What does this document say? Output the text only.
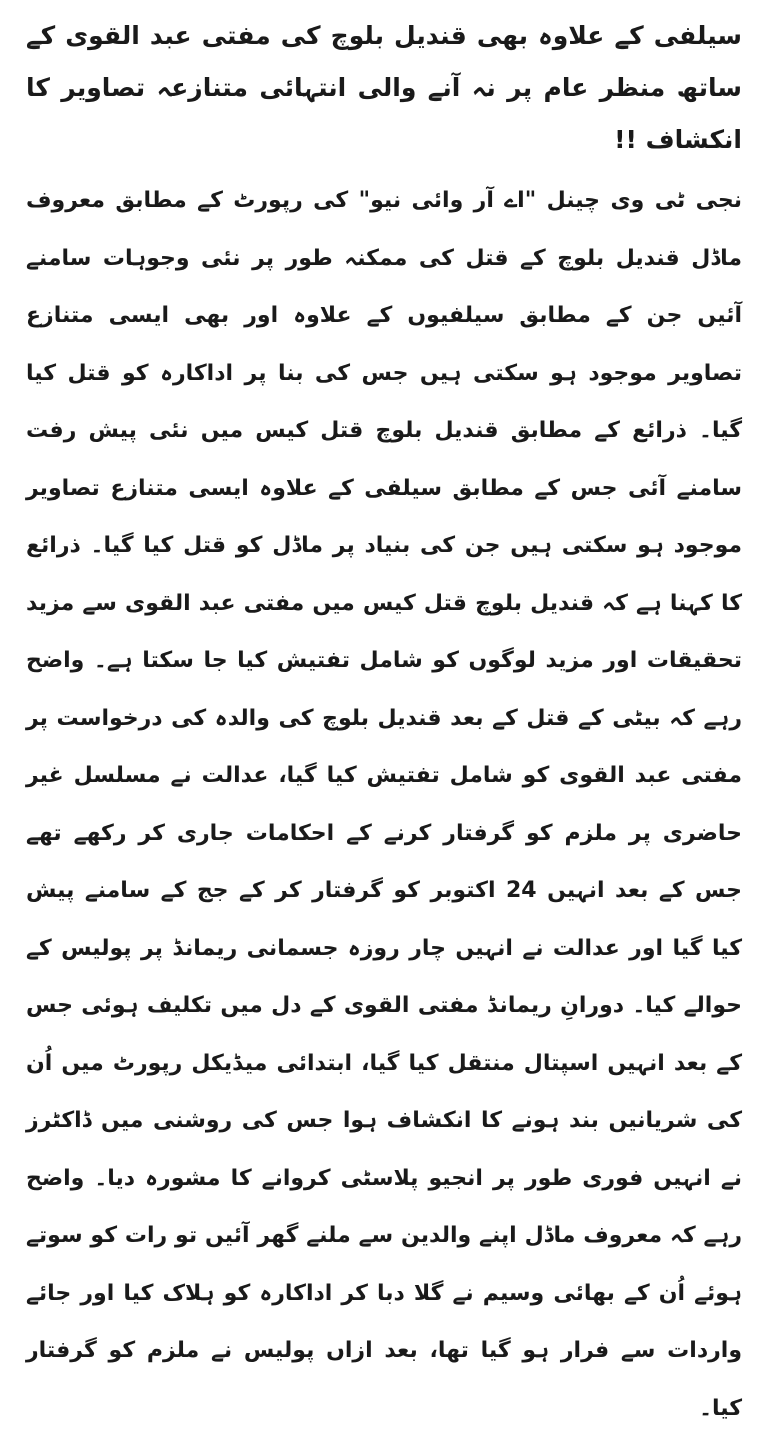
سیلفی کے علاوہ بھی قندیل بلوچ کی مفتی عبد القوی کے ساتھ منظر عام پر نہ آنے والی انتہائی متنازعہ تصاویر کا انکشاف !!

نجی ٹی وی چینل "اے آر وائی نیو" کی رپورٹ کے مطابق معروف ماڈل قندیل بلوچ کے قتل کی ممکنہ طور پر نئی وجوہات سامنے آئیں جن کے مطابق سیلفیوں کے علاوہ اور بھی ایسی متنازع تصاویر موجود ہو سکتی ہیں جس کی بنا پر اداکارہ کو قتل کیا گیا۔ ذرائع کے مطابق قندیل بلوچ قتل کیس میں نئی پیش رفت سامنے آئی جس کے مطابق سیلفی کے علاوہ ایسی متنازع تصاویر موجود ہو سکتی ہیں جن کی بنیاد پر ماڈل کو قتل کیا گیا۔ ذرائع کا کہنا ہے کہ قندیل بلوچ قتل کیس میں مفتی عبد القوی سے مزید تحقیقات اور مزید لوگوں کو شامل تفتیش کیا جا سکتا ہے۔ واضح رہے کہ بیٹی کے قتل کے بعد قندیل بلوچ کی والدہ کی درخواست پر مفتی عبد القوی کو شامل تفتیش کیا گیا، عدالت نے مسلسل غیر حاضری پر ملزم کو گرفتار کرنے کے احکامات جاری کر رکھے تھے جس کے بعد انہیں 24 اکتوبر کو گرفتار کر کے جج کے سامنے پیش کیا گیا اور عدالت نے انہیں چار روزہ جسمانی ریمانڈ پر پولیس کے حوالے کیا۔ دورانِ ریمانڈ مفتی القوی کے دل میں تکلیف ہوئی جس کے بعد انہیں اسپتال منتقل کیا گیا، ابتدائی میڈیکل رپورٹ میں اُن کی شریانیں بند ہونے کا انکشاف ہوا جس کی روشنی میں ڈاکٹرز نے انہیں فوری طور پر انجیو پلاسٹی کروانے کا مشورہ دیا۔ واضح رہے کہ معروف ماڈل اپنے والدین سے ملنے گھر آئیں تو رات کو سوتے ہوئے اُن کے بھائی وسیم نے گلا دبا کر اداکارہ کو ہلاک کیا اور جائے واردات سے فرار ہو گیا تھا، بعد ازاں پولیس نے ملزم کو گرفتار کیا۔
